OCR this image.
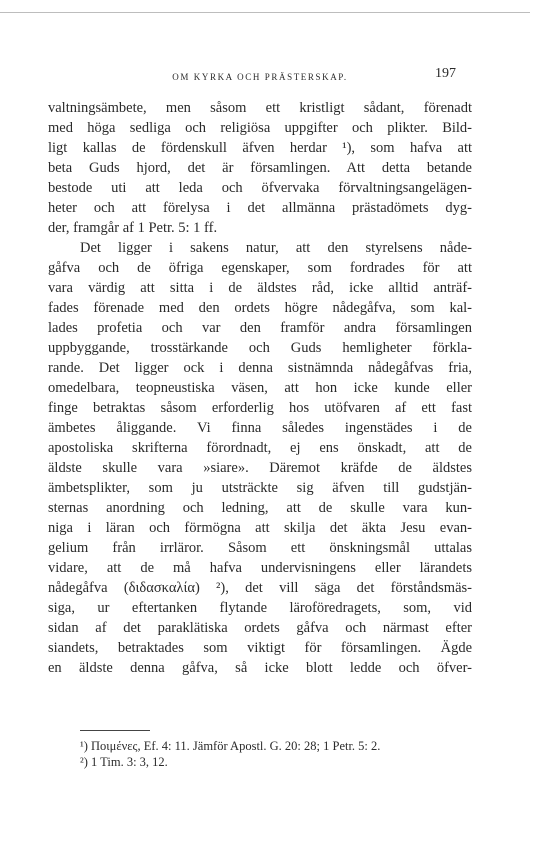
OM KYRKA OCH PRÄSTERSKAP.	197
valtningsämbete, men såsom ett kristligt sådant, förenadt
med höga sedliga och religiösa uppgifter och plikter. Bild-
ligt kallas de fördenskull äfven herdar ¹), som hafva att
beta Guds hjord, det är församlingen. Att detta betande
bestode uti att leda och öfvervaka förvaltningsangelägen-
heter och att förelysa i det allmänna prästadömets dyg-
der, framgår af 1 Petr. 5: 1 ff.
Det ligger i sakens natur, att den styrelsens nåde-
gåfva och de öfriga egenskaper, som fordrades för att
vara värdig att sitta i de äldstes råd, icke alltid anträf-
fades förenade med den ordets högre nådegåfva, som kal-
lades profetia och var den framför andra församlingen
uppbyggande, trosstärkande och Guds hemligheter förkla-
rande. Det ligger ock i denna sistnämnda nådegåfvas fria,
omedelbara, teopneustiska väsen, att hon icke kunde eller
finge betraktas såsom erforderlig hos utöfvaren af ett fast
ämbetes åliggande. Vi finna således ingenstädes i de
apostoliska skrifterna förordnadt, ej ens önskadt, att de
äldste skulle vara »siare». Däremot kräfde de äldstes
ämbetsplikter, som ju utsträckte sig äfven till gudstjän-
sternas anordning och ledning, att de skulle vara kun-
niga i läran och förmögna att skilja det äkta Jesu evan-
gelium från irrläror. Såsom ett önskningsmål uttalas
vidare, att de må hafva undervisningens eller lärandets
nådegåfva (διδασκαλία) ²), det vill säga det förståndsmäs-
siga, ur eftertanken flytande läroföredragets, som, vid
sidan af det paraklätiska ordets gåfva och närmast efter
siandets, betraktades som viktigt för församlingen. Ägde
en äldste denna gåfva, så icke blott ledde och öfver-
¹) Ποιμένες, Ef. 4: 11. Jämför Apostl. G. 20: 28; 1 Petr. 5: 2.
²) 1 Tim. 3: 3, 12.
